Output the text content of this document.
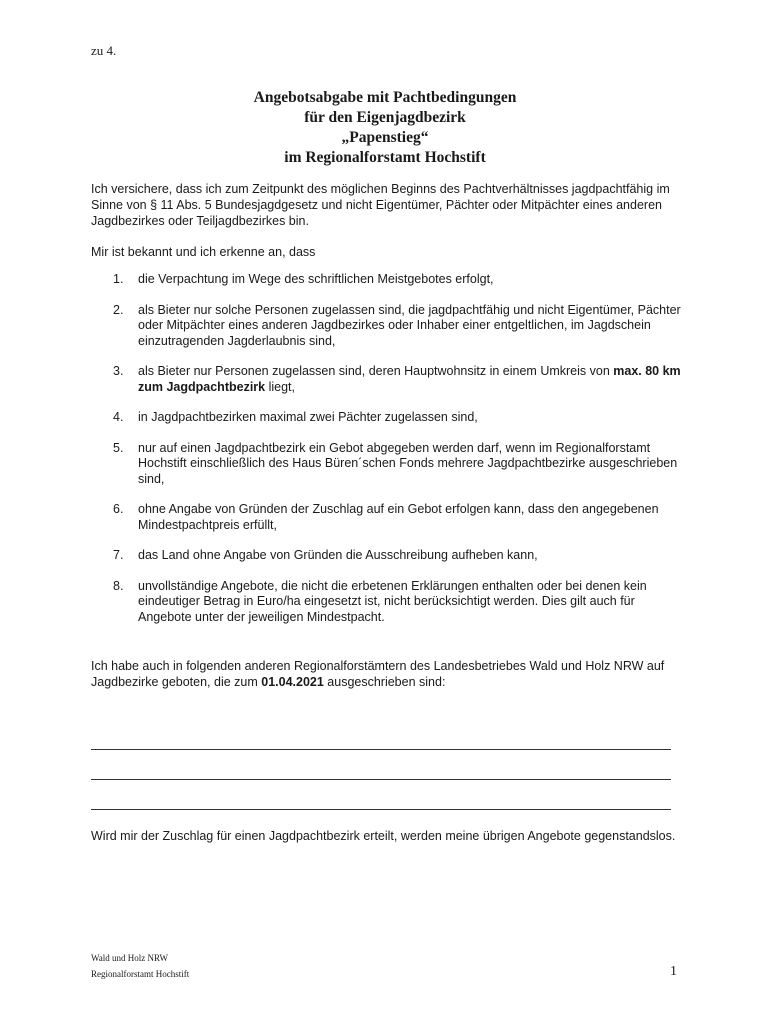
zu 4.
Angebotsabgabe mit Pachtbedingungen
für den Eigenjagdbezirk
„Papenstieg“
im Regionalforstamt Hochstift
Ich versichere, dass ich zum Zeitpunkt des möglichen Beginns des Pachtverhältnisses jagdpachtfähig im Sinne von § 11 Abs. 5 Bundesjagdgesetz und nicht Eigentümer, Pächter oder Mitpächter eines anderen Jagdbezirkes oder Teiljagdbezirkes bin.
Mir ist bekannt und ich erkenne an, dass
1. die Verpachtung im Wege des schriftlichen Meistgebotes erfolgt,
2. als Bieter nur solche Personen zugelassen sind, die jagdpachtfähig und nicht Eigentümer, Pächter oder Mitpächter eines anderen Jagdbezirkes oder Inhaber einer entgeltlichen, im Jagdschein einzutragenden Jagderlaubnis sind,
3. als Bieter nur Personen zugelassen sind, deren Hauptwohnsitz in einem Umkreis von max. 80 km zum Jagdpachtbezirk liegt,
4. in Jagdpachtbezirken maximal zwei Pächter zugelassen sind,
5. nur auf einen Jagdpachtbezirk ein Gebot abgegeben werden darf, wenn im Regionalforstamt Hochstift einschließlich des Haus Büren´schen Fonds mehrere Jagdpachtbezirke ausgeschrieben sind,
6. ohne Angabe von Gründen der Zuschlag auf ein Gebot erfolgen kann, dass den angegebenen Mindestpachtpreis erfüllt,
7. das Land ohne Angabe von Gründen die Ausschreibung aufheben kann,
8. unvollständige Angebote, die nicht die erbetenen Erklärungen enthalten oder bei denen kein eindeutiger Betrag in Euro/ha eingesetzt ist, nicht berücksichtigt werden. Dies gilt auch für Angebote unter der jeweiligen Mindestpacht.
Ich habe auch in folgenden anderen Regionalforstämtern des Landesbetriebes Wald und Holz NRW auf Jagdbezirke geboten, die zum 01.04.2021 ausgeschrieben sind:
Wird mir der Zuschlag für einen Jagdpachtbezirk erteilt, werden meine übrigen Angebote gegenstandslos.
Wald und Holz NRW
Regionalforstamt Hochstift	1
